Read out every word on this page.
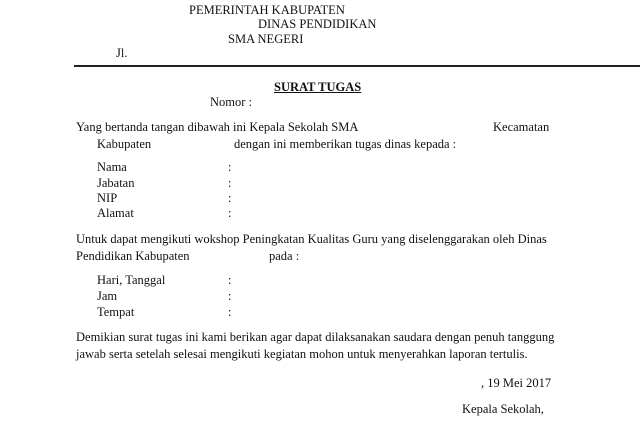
PEMERINTAH KABUPATEN
DINAS PENDIDIKAN
SMA NEGERI
Jl.
SURAT TUGAS
Nomor :
Yang bertanda tangan dibawah ini Kepala Sekolah SMA	Kecamatan
Kabupaten	dengan ini memberikan tugas dinas kepada :
Nama	:
Jabatan	:
NIP	:
Alamat	:
Untuk dapat mengikuti wokshop Peningkatan Kualitas Guru yang diselenggarakan oleh Dinas
Pendidikan Kabupaten	pada :
Hari, Tanggal	:
Jam	:
Tempat	:
Demikian surat tugas ini kami berikan agar dapat dilaksanakan saudara dengan penuh tanggung
jawab serta setelah selesai mengikuti kegiatan mohon untuk menyerahkan laporan tertulis.
, 19 Mei 2017
Kepala Sekolah,
